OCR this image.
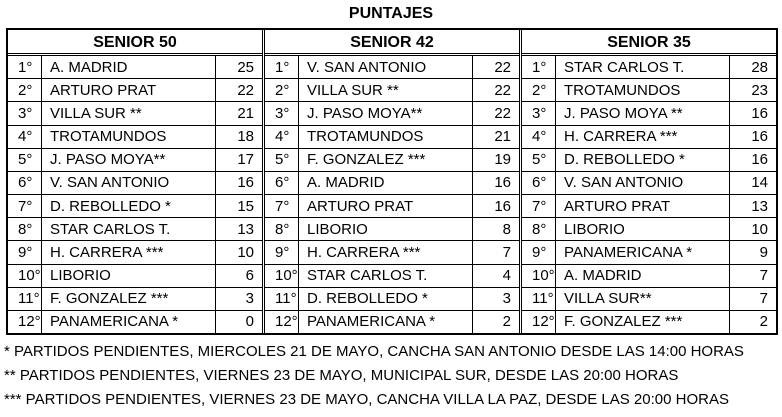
PUNTAJES
SENIOR 50
1°	A. MADRID	25
2°	ARTURO PRAT	22
3°	VILLA SUR **	21
4°	TROTAMUNDOS	18
5°	J. PASO MOYA**	17
6°	V. SAN ANTONIO	16
7°	D. REBOLLEDO *	15
8°	STAR CARLOS T.	13
9°	H. CARRERA ***	10
10° LIBORIO	6
11° F. GONZALEZ ***	3
12° PANAMERICANA *	0
SENIOR 42
1°	V. SAN ANTONIO	22
2°	VILLA SUR **	22
3°	J. PASO MOYA**	22
4°	TROTAMUNDOS	21
5°	F. GONZALEZ ***	19
6°	A. MADRID	16
7°	ARTURO PRAT	16
8°	LIBORIO	8
9°	H. CARRERA ***	7
10° STAR CARLOS T.	4
11° D. REBOLLEDO *	3
12° PANAMERICANA *	2
SENIOR 35
1°	STAR CARLOS T.	28
2°	TROTAMUNDOS	23
3°	J. PASO MOYA **	16
4°	H. CARRERA ***	16
5°	D. REBOLLEDO *	16
6°	V. SAN ANTONIO	14
7°	ARTURO PRAT	13
8°	LIBORIO	10
9°	PANAMERICANA *	9
10° A. MADRID	7
11° VILLA SUR**	7
12° F. GONZALEZ ***	2
* PARTIDOS PENDIENTES, MIERCOLES 21 DE MAYO, CANCHA SAN ANTONIO DESDE LAS 14:00 HORAS
** PARTIDOS PENDIENTES, VIERNES 23 DE MAYO, MUNICIPAL SUR, DESDE LAS 20:00 HORAS
*** PARTIDOS PENDIENTES, VIERNES 23 DE MAYO, CANCHA VILLA LA PAZ, DESDE LAS 20:00 HORAS
